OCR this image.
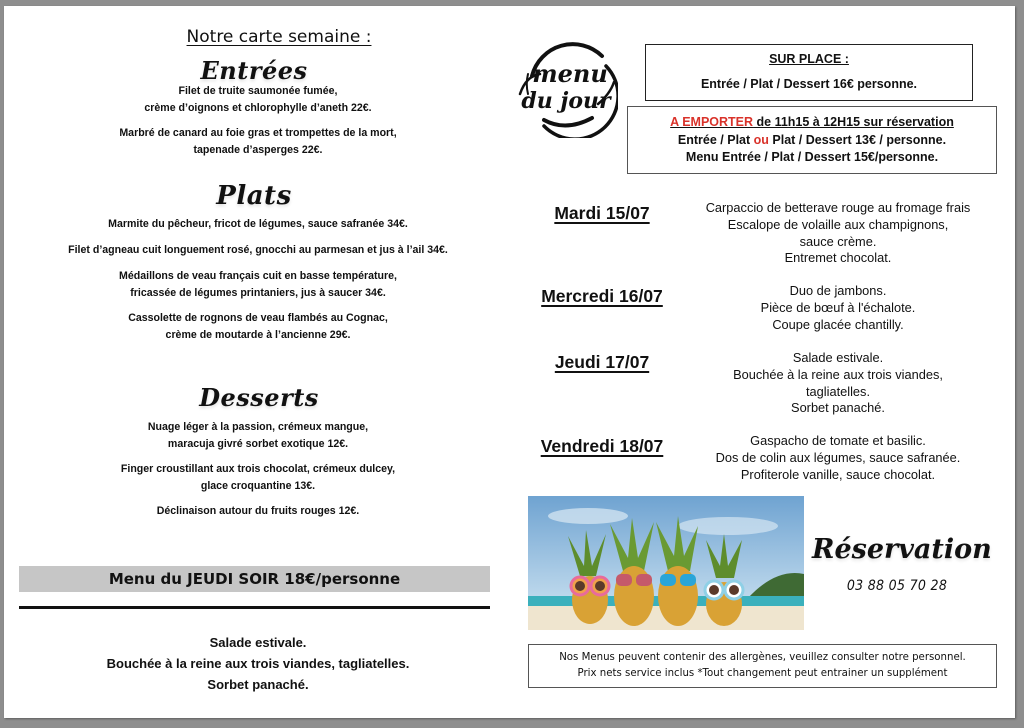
Notre carte semaine :
Entrées
Filet de truite saumonée fumée,
crème d’oignons et chlorophylle d’aneth 22€.
Marbré de canard au foie gras et trompettes de la mort,
tapenade d’asperges 22€.
Plats
Marmite du pêcheur, fricot de légumes, sauce safranée 34€.
Filet d’agneau cuit longuement rosé, gnocchi au parmesan et jus à l’ail 34€.
Médaillons de veau français cuit en basse température,
fricassée de légumes printaniers, jus à saucer 34€.
Cassolette de rognons de veau flambés au Cognac,
crème de moutarde à l’ancienne 29€.
Desserts
Nuage léger à la passion, crémeux mangue,
maracuja givré sorbet exotique 12€.
Finger croustillant aux trois chocolat, crémeux dulcey,
glace croquantine 13€.
Déclinaison autour du fruits rouges 12€.
Menu du JEUDI SOIR 18€/personne
Salade estivale.
Bouchée à la reine aux trois viandes, tagliatelles.
Sorbet panaché.
menu
du jour
SUR PLACE :
Entrée / Plat / Dessert 16€ personne.
A EMPORTER de 11h15 à 12H15 sur réservation
Entrée / Plat ou Plat / Dessert 13€ / personne.
Menu Entrée / Plat / Dessert 15€/personne.
Mardi 15/07	Carpaccio de betterave rouge au fromage frais
Escalope de volaille aux champignons,
sauce crème.
Entremet chocolat.
Mercredi 16/07	Duo de jambons.
Pièce de bœuf à l'échalote.
Coupe glacée chantilly.
Jeudi 17/07	Salade estivale.
Bouchée à la reine aux trois viandes,
tagliatelles.
Sorbet panaché.
Vendredi 18/07	Gaspacho de tomate et basilic.
Dos de colin aux légumes, sauce safranée.
Profiterole vanille, sauce chocolat.
Réservation
03 88 05 70 28
Nos Menus peuvent contenir des allergènes, veuillez consulter notre personnel.
Prix nets service inclus *Tout changement peut entrainer un supplément
